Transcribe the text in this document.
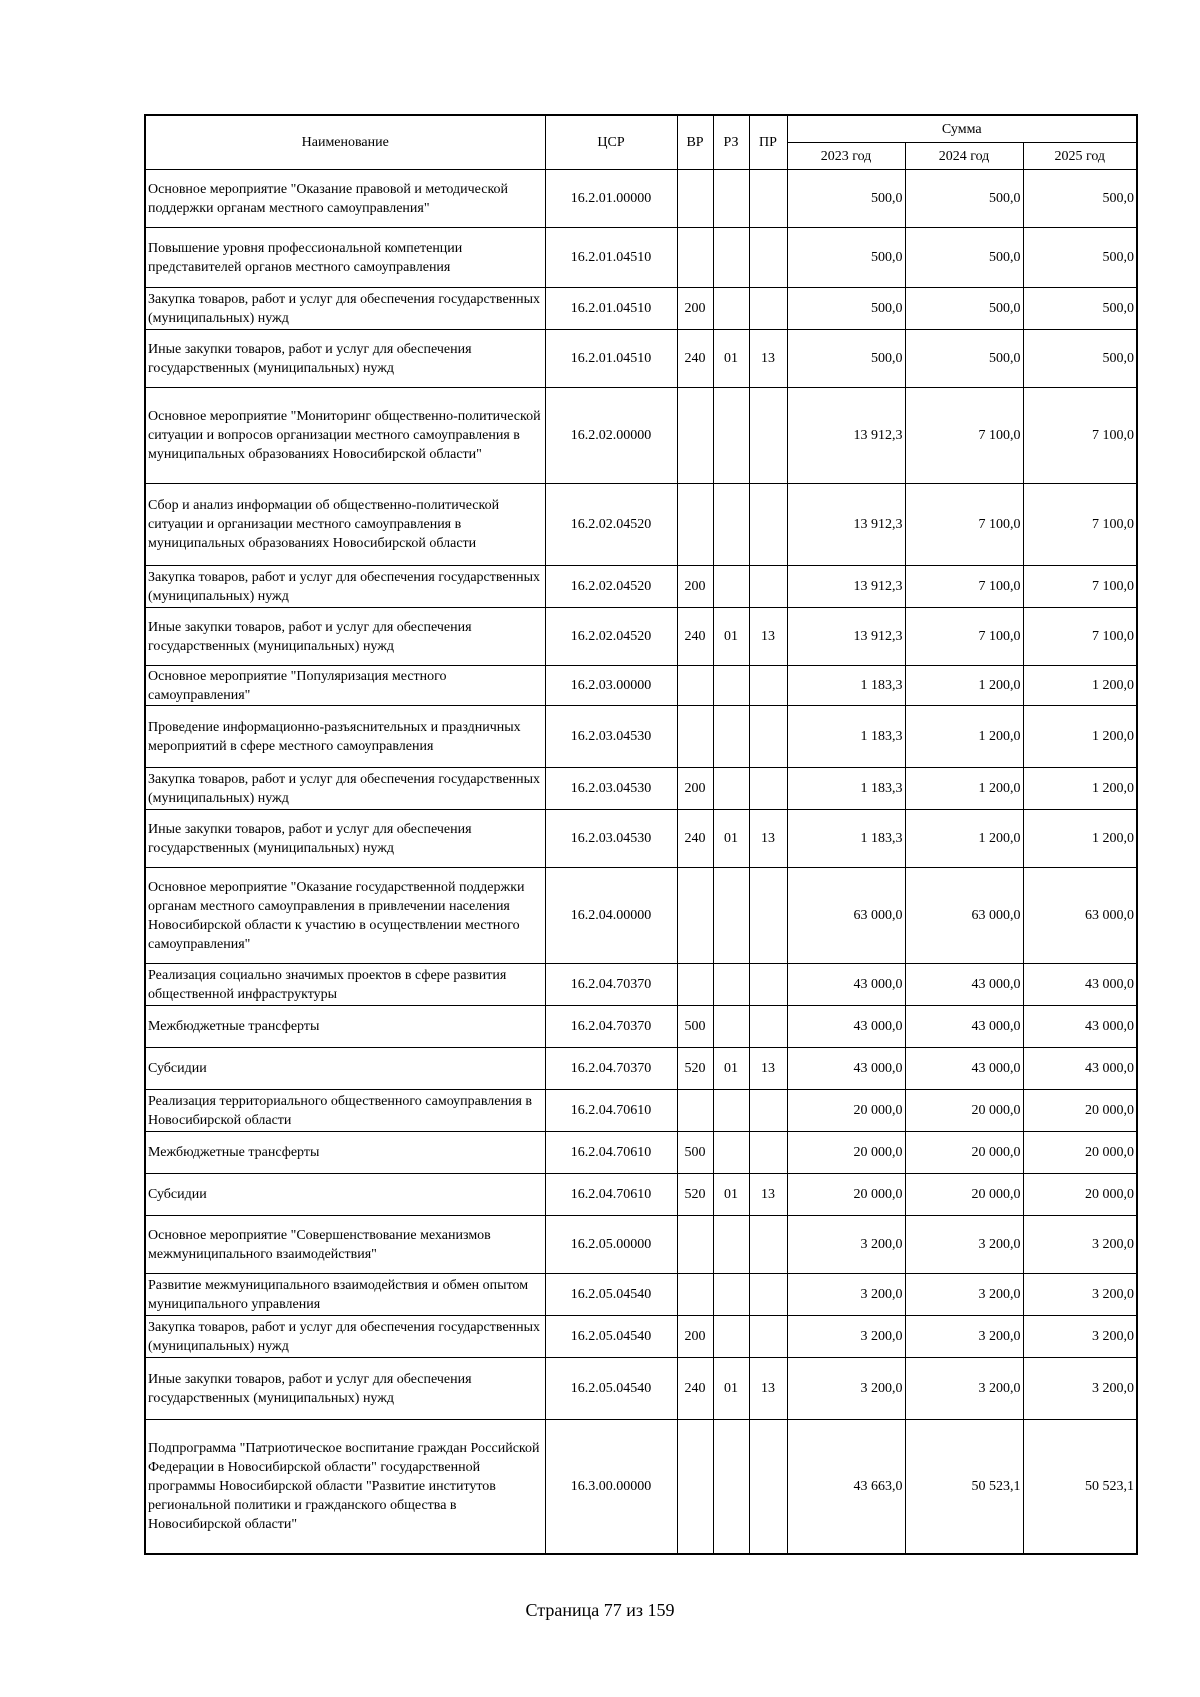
Наименование	ЦСР	ВР	РЗ	ПР	Сумма		
					2023 год	2024 год	2025 год
Основное мероприятие "Оказание правовой и методической поддержки органам местного самоуправления"	16.2.01.00000				500,0	500,0	500,0
Повышение уровня профессиональной компетенции представителей органов местного самоуправления	16.2.01.04510				500,0	500,0	500,0
Закупка товаров, работ и услуг для обеспечения государственных (муниципальных) нужд	16.2.01.04510	200			500,0	500,0	500,0
Иные закупки товаров, работ и услуг для обеспечения государственных (муниципальных) нужд	16.2.01.04510	240	01	13	500,0	500,0	500,0
Основное мероприятие "Мониторинг общественно-политической ситуации и вопросов организации местного самоуправления в муниципальных образованиях Новосибирской области"	16.2.02.00000				13 912,3	7 100,0	7 100,0
Сбор и анализ информации об общественно-политической ситуации и организации местного самоуправления в муниципальных образованиях Новосибирской области	16.2.02.04520				13 912,3	7 100,0	7 100,0
Закупка товаров, работ и услуг для обеспечения государственных (муниципальных) нужд	16.2.02.04520	200			13 912,3	7 100,0	7 100,0
Иные закупки товаров, работ и услуг для обеспечения государственных (муниципальных) нужд	16.2.02.04520	240	01	13	13 912,3	7 100,0	7 100,0
Основное мероприятие "Популяризация местного самоуправления"	16.2.03.00000				1 183,3	1 200,0	1 200,0
Проведение информационно-разъяснительных и праздничных мероприятий в сфере местного самоуправления	16.2.03.04530				1 183,3	1 200,0	1 200,0
Закупка товаров, работ и услуг для обеспечения государственных (муниципальных) нужд	16.2.03.04530	200			1 183,3	1 200,0	1 200,0
Иные закупки товаров, работ и услуг для обеспечения государственных (муниципальных) нужд	16.2.03.04530	240	01	13	1 183,3	1 200,0	1 200,0
Основное мероприятие "Оказание государственной поддержки органам местного самоуправления в привлечении населения Новосибирской области к участию в осуществлении местного самоуправления"	16.2.04.00000				63 000,0	63 000,0	63 000,0
Реализация социально значимых проектов в сфере развития общественной инфраструктуры	16.2.04.70370				43 000,0	43 000,0	43 000,0
Межбюджетные трансферты	16.2.04.70370	500			43 000,0	43 000,0	43 000,0
Субсидии	16.2.04.70370	520	01	13	43 000,0	43 000,0	43 000,0
Реализация территориального общественного самоуправления в Новосибирской области	16.2.04.70610				20 000,0	20 000,0	20 000,0
Межбюджетные трансферты	16.2.04.70610	500			20 000,0	20 000,0	20 000,0
Субсидии	16.2.04.70610	520	01	13	20 000,0	20 000,0	20 000,0
Основное мероприятие "Совершенствование механизмов межмуниципального взаимодействия"	16.2.05.00000				3 200,0	3 200,0	3 200,0
Развитие межмуниципального взаимодействия и обмен опытом муниципального управления	16.2.05.04540				3 200,0	3 200,0	3 200,0
Закупка товаров, работ и услуг для обеспечения государственных (муниципальных) нужд	16.2.05.04540	200			3 200,0	3 200,0	3 200,0
Иные закупки товаров, работ и услуг для обеспечения государственных (муниципальных) нужд	16.2.05.04540	240	01	13	3 200,0	3 200,0	3 200,0
Подпрограмма "Патриотическое воспитание граждан Российской Федерации в Новосибирской области" государственной программы Новосибирской области "Развитие институтов региональной политики и гражданского общества в Новосибирской области"	16.3.00.00000				43 663,0	50 523,1	50 523,1
Страница 77 из 159
